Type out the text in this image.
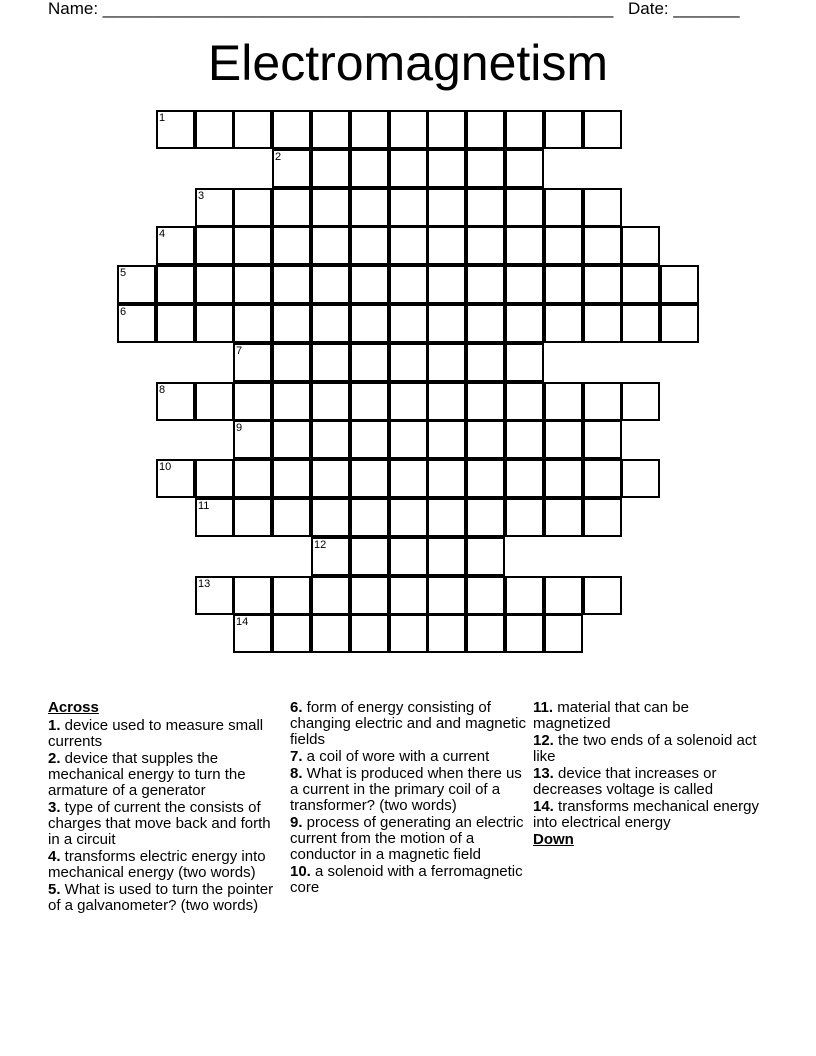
Name: ______________________________________________________ Date: _______
Electromagnetism
1
2
3
4
5
6
7
8
9
10
11
12
13
14
Across
1. device used to measure small currents
2. device that supples the mechanical energy to turn the armature of a generator
3. type of current the consists of charges that move back and forth in a circuit
4. transforms electric energy into mechanical energy (two words)
5. What is used to turn the pointer of a galvanometer? (two words)
6. form of energy consisting of changing electric and and magnetic fields
7. a coil of wore with a current
8. What is produced when there us a current in the primary coil of a transformer? (two words)
9. process of generating an electric current from the motion of a conductor in a magnetic field
10. a solenoid with a ferromagnetic core
11. material that can be magnetized
12. the two ends of a solenoid act like
13. device that increases or decreases voltage is called
14. transforms mechanical energy into electrical energy
Down
